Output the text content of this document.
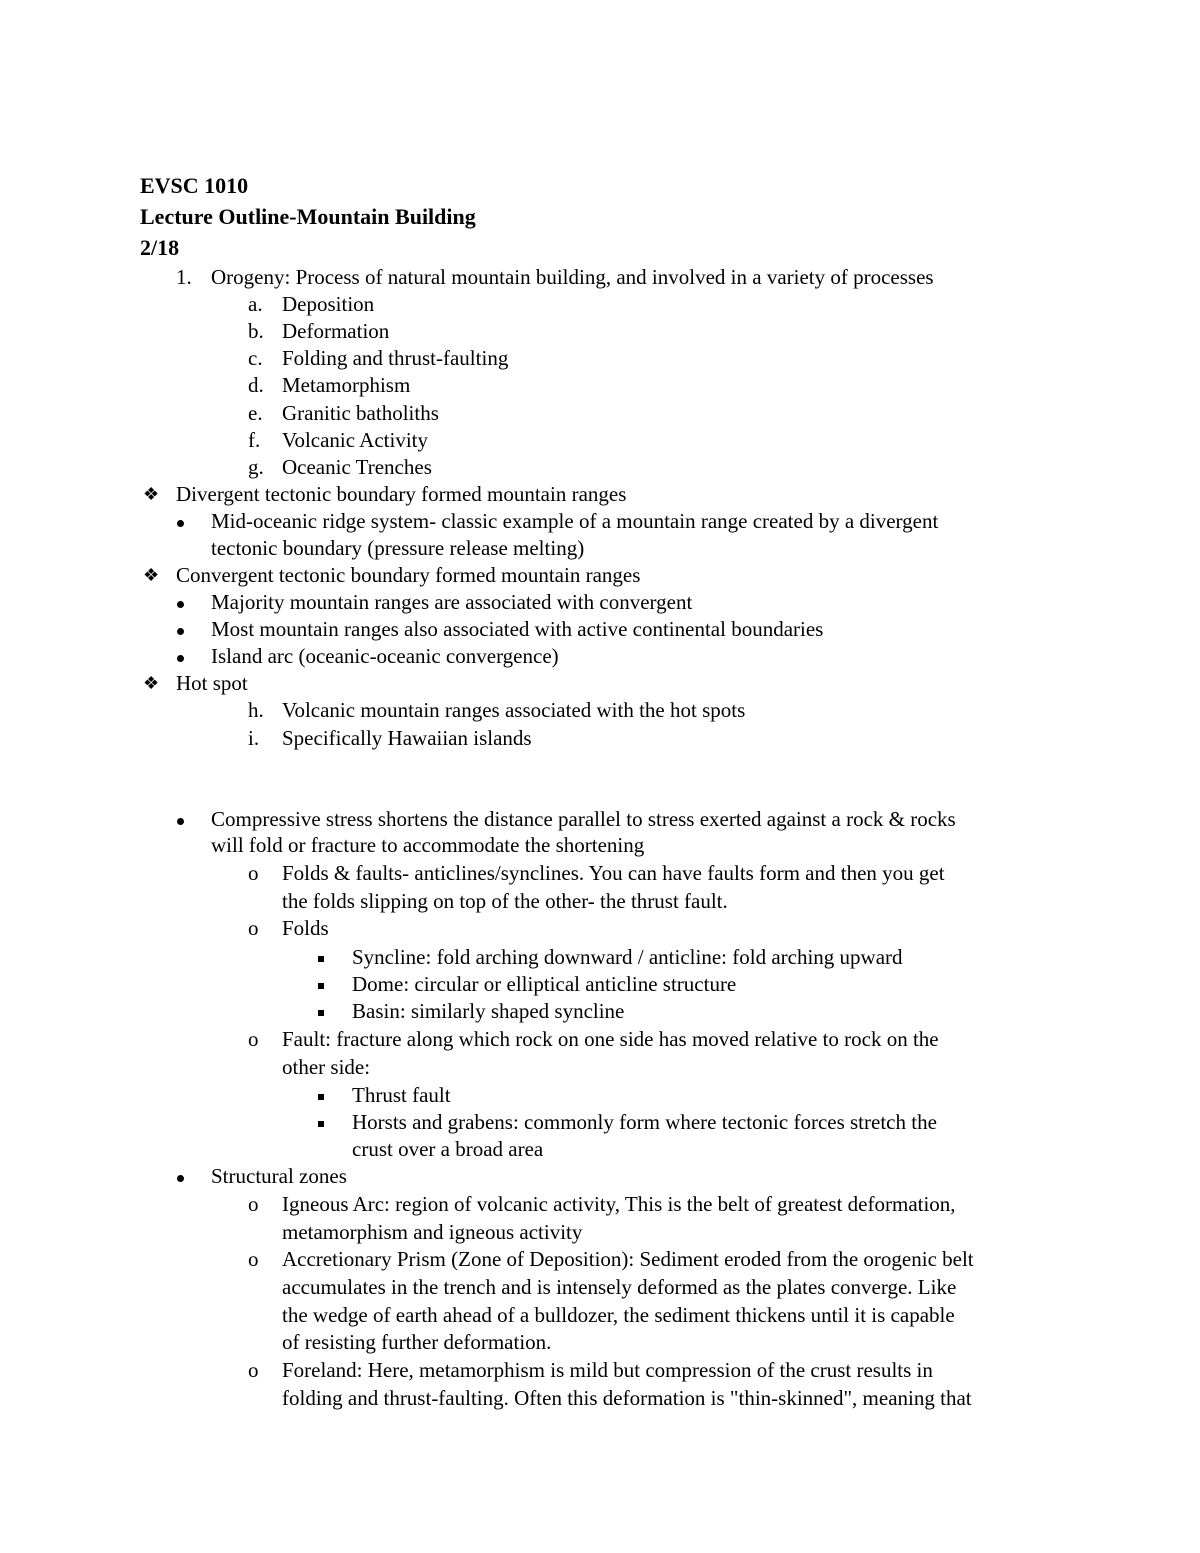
EVSC 1010
Lecture Outline-Mountain Building
2/18
1. Orogeny: Process of natural mountain building, and involved in a variety of processes
a. Deposition
b. Deformation
c. Folding and thrust-faulting
d. Metamorphism
e. Granitic batholiths
f. Volcanic Activity
g. Oceanic Trenches
❖ Divergent tectonic boundary formed mountain ranges
Mid-oceanic ridge system- classic example of a mountain range created by a divergent
tectonic boundary (pressure release melting)
❖ Convergent tectonic boundary formed mountain ranges
Majority mountain ranges are associated with convergent
Most mountain ranges also associated with active continental boundaries
Island arc (oceanic-oceanic convergence)
❖ Hot spot
h. Volcanic mountain ranges associated with the hot spots
i. Specifically Hawaiian islands
Compressive stress shortens the distance parallel to stress exerted against a rock & rocks
will fold or fracture to accommodate the shortening
o Folds & faults- anticlines/synclines. You can have faults form and then you get
the folds slipping on top of the other- the thrust fault.
o Folds
Syncline: fold arching downward / anticline: fold arching upward
Dome: circular or elliptical anticline structure
Basin: similarly shaped syncline
o Fault: fracture along which rock on one side has moved relative to rock on the
other side:
Thrust fault
Horsts and grabens: commonly form where tectonic forces stretch the
crust over a broad area
Structural zones
o Igneous Arc: region of volcanic activity, This is the belt of greatest deformation,
metamorphism and igneous activity
o Accretionary Prism (Zone of Deposition): Sediment eroded from the orogenic belt
accumulates in the trench and is intensely deformed as the plates converge. Like
the wedge of earth ahead of a bulldozer, the sediment thickens until it is capable
of resisting further deformation.
o Foreland: Here, metamorphism is mild but compression of the crust results in
folding and thrust-faulting. Often this deformation is "thin-skinned", meaning that
